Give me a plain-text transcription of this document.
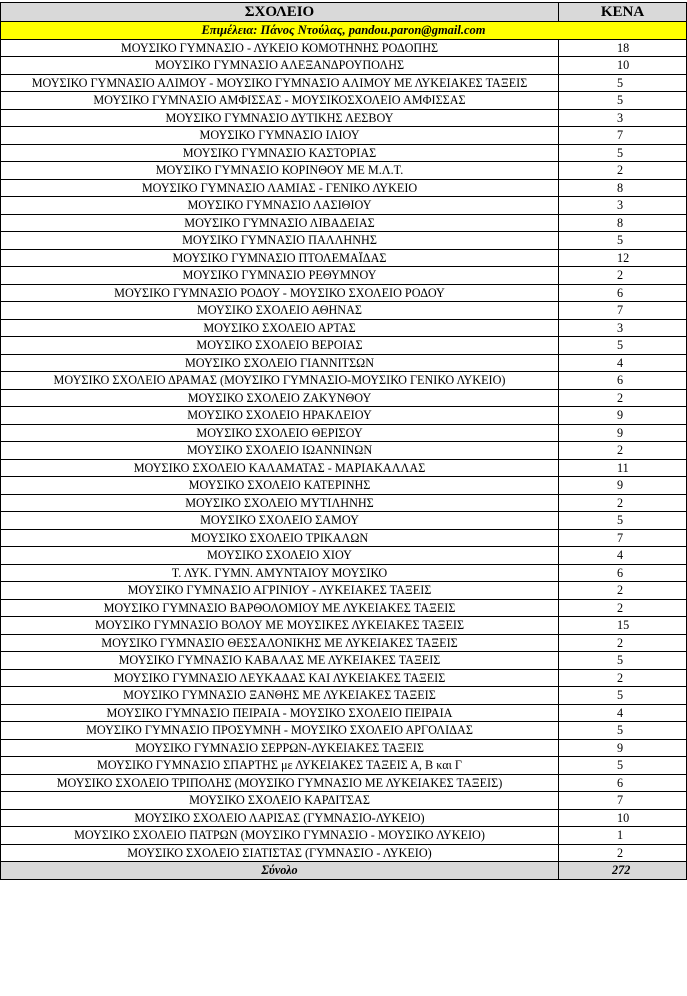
ΣΧΟΛΕΙΟ	ΚΕΝΑ
Επιμέλεια: Πάνος Ντούλας, pandou.paron@gmail.com	
ΜΟΥΣΙΚΟ ΓΥΜΝΑΣΙΟ - ΛΥΚΕΙΟ ΚΟΜΟΤΗΝΗΣ ΡΟΔΟΠΗΣ	18
ΜΟΥΣΙΚΟ ΓΥΜΝΑΣΙΟ ΑΛΕΞΑΝΔΡΟΥΠΟΛΗΣ	10
ΜΟΥΣΙΚΟ ΓΥΜΝΑΣΙΟ ΑΛΙΜΟΥ - ΜΟΥΣΙΚΟ ΓΥΜΝΑΣΙΟ ΑΛΙΜΟΥ ΜΕ ΛΥΚΕΙΑΚΕΣ ΤΑΞΕΙΣ	5
ΜΟΥΣΙΚΟ ΓΥΜΝΑΣΙΟ ΑΜΦΙΣΣΑΣ - ΜΟΥΣΙΚΟΣΧΟΛΕΙΟ ΑΜΦΙΣΣΑΣ	5
ΜΟΥΣΙΚΟ ΓΥΜΝΑΣΙΟ ΔΥΤΙΚΗΣ ΛΕΣΒΟΥ	3
ΜΟΥΣΙΚΟ ΓΥΜΝΑΣΙΟ ΙΛΙΟΥ	7
ΜΟΥΣΙΚΟ ΓΥΜΝΑΣΙΟ ΚΑΣΤΟΡΙΑΣ	5
ΜΟΥΣΙΚΟ ΓΥΜΝΑΣΙΟ ΚΟΡΙΝΘΟΥ ΜΕ Μ.Λ.Τ.	2
ΜΟΥΣΙΚΟ ΓΥΜΝΑΣΙΟ ΛΑΜΙΑΣ - ΓΕΝΙΚΟ ΛΥΚΕΙΟ	8
ΜΟΥΣΙΚΟ ΓΥΜΝΑΣΙΟ ΛΑΣΙΘΙΟΥ	3
ΜΟΥΣΙΚΟ ΓΥΜΝΑΣΙΟ ΛΙΒΑΔΕΙΑΣ	8
ΜΟΥΣΙΚΟ ΓΥΜΝΑΣΙΟ ΠΑΛΛΗΝΗΣ	5
ΜΟΥΣΙΚΟ ΓΥΜΝΑΣΙΟ ΠΤΟΛΕΜΑΪΔΑΣ	12
ΜΟΥΣΙΚΟ ΓΥΜΝΑΣΙΟ ΡΕΘΥΜΝΟΥ	2
ΜΟΥΣΙΚΟ ΓΥΜΝΑΣΙΟ ΡΟΔΟΥ - ΜΟΥΣΙΚΟ ΣΧΟΛΕΙΟ ΡΟΔΟΥ	6
ΜΟΥΣΙΚΟ ΣΧΟΛΕΙΟ ΑΘΗΝΑΣ	7
ΜΟΥΣΙΚΟ ΣΧΟΛΕΙΟ ΑΡΤΑΣ	3
ΜΟΥΣΙΚΟ ΣΧΟΛΕΙΟ ΒΕΡΟΙΑΣ	5
ΜΟΥΣΙΚΟ ΣΧΟΛΕΙΟ ΓΙΑΝΝΙΤΣΩΝ	4
ΜΟΥΣΙΚΟ ΣΧΟΛΕΙΟ ΔΡΑΜΑΣ (ΜΟΥΣΙΚΟ ΓΥΜΝΑΣΙΟ-ΜΟΥΣΙΚΟ ΓΕΝΙΚΟ ΛΥΚΕΙΟ)	6
ΜΟΥΣΙΚΟ ΣΧΟΛΕΙΟ ΖΑΚΥΝΘΟΥ	2
ΜΟΥΣΙΚΟ ΣΧΟΛΕΙΟ ΗΡΑΚΛΕΙΟΥ	9
ΜΟΥΣΙΚΟ ΣΧΟΛΕΙΟ ΘΕΡΙΣΟΥ	9
ΜΟΥΣΙΚΟ ΣΧΟΛΕΙΟ ΙΩΑΝΝΙΝΩΝ	2
ΜΟΥΣΙΚΟ ΣΧΟΛΕΙΟ ΚΑΛΑΜΑΤΑΣ - ΜΑΡΙΑΚΑΛΛΑΣ	11
ΜΟΥΣΙΚΟ ΣΧΟΛΕΙΟ ΚΑΤΕΡΙΝΗΣ	9
ΜΟΥΣΙΚΟ ΣΧΟΛΕΙΟ ΜΥΤΙΛΗΝΗΣ	2
ΜΟΥΣΙΚΟ ΣΧΟΛΕΙΟ ΣΑΜΟΥ	5
ΜΟΥΣΙΚΟ ΣΧΟΛΕΙΟ ΤΡΙΚΑΛΩΝ	7
ΜΟΥΣΙΚΟ ΣΧΟΛΕΙΟ ΧΙΟΥ	4
Τ. ΛΥΚ. ΓΥΜΝ. ΑΜΥΝΤΑΙΟΥ ΜΟΥΣΙΚΟ	6
ΜΟΥΣΙΚΟ ΓΥΜΝΑΣΙΟ ΑΓΡΙΝΙΟΥ - ΛΥΚΕΙΑΚΕΣ ΤΑΞΕΙΣ	2
ΜΟΥΣΙΚΟ ΓΥΜΝΑΣΙΟ ΒΑΡΘΟΛΟΜΙΟΥ ΜΕ ΛΥΚΕΙΑΚΕΣ ΤΑΞΕΙΣ	2
ΜΟΥΣΙΚΟ ΓΥΜΝΑΣΙΟ ΒΟΛΟΥ ΜΕ ΜΟΥΣΙΚΕΣ ΛΥΚΕΙΑΚΕΣ ΤΑΞΕΙΣ	15
ΜΟΥΣΙΚΟ ΓΥΜΝΑΣΙΟ ΘΕΣΣΑΛΟΝΙΚΗΣ ΜΕ ΛΥΚΕΙΑΚΕΣ ΤΑΞΕΙΣ	2
ΜΟΥΣΙΚΟ ΓΥΜΝΑΣΙΟ ΚΑΒΑΛΑΣ ΜΕ ΛΥΚΕΙΑΚΕΣ ΤΑΞΕΙΣ	5
ΜΟΥΣΙΚΟ ΓΥΜΝΑΣΙΟ ΛΕΥΚΑΔΑΣ ΚΑΙ ΛΥΚΕΙΑΚΕΣ ΤΑΞΕΙΣ	2
ΜΟΥΣΙΚΟ ΓΥΜΝΑΣΙΟ ΞΑΝΘΗΣ ΜΕ ΛΥΚΕΙΑΚΕΣ ΤΑΞΕΙΣ	5
ΜΟΥΣΙΚΟ ΓΥΜΝΑΣΙΟ ΠΕΙΡΑΙΑ - ΜΟΥΣΙΚΟ ΣΧΟΛΕΙΟ ΠΕΙΡΑΙΑ	4
ΜΟΥΣΙΚΟ ΓΥΜΝΑΣΙΟ ΠΡΟΣΥΜΝΗ - ΜΟΥΣΙΚΟ ΣΧΟΛΕΙΟ ΑΡΓΟΛΙΔΑΣ	5
ΜΟΥΣΙΚΟ ΓΥΜΝΑΣΙΟ ΣΕΡΡΩΝ-ΛΥΚΕΙΑΚΕΣ ΤΑΞΕΙΣ	9
ΜΟΥΣΙΚΟ ΓΥΜΝΑΣΙΟ ΣΠΑΡΤΗΣ με ΛΥΚΕΙΑΚΕΣ ΤΑΞΕΙΣ Α, Β και Γ	5
ΜΟΥΣΙΚΟ ΣΧΟΛΕΙΟ ΤΡΙΠΟΛΗΣ (ΜΟΥΣΙΚΟ ΓΥΜΝΑΣΙΟ ΜΕ ΛΥΚΕΙΑΚΕΣ ΤΑΞΕΙΣ)	6
ΜΟΥΣΙΚΟ ΣΧΟΛΕΙΟ ΚΑΡΔΙΤΣΑΣ	7
ΜΟΥΣΙΚΟ ΣΧΟΛΕΙΟ ΛΑΡΙΣΑΣ (ΓΥΜΝΑΣΙΟ-ΛΥΚΕΙΟ)	10
ΜΟΥΣΙΚΟ ΣΧΟΛΕΙΟ ΠΑΤΡΩΝ (ΜΟΥΣΙΚΟ ΓΥΜΝΑΣΙΟ - ΜΟΥΣΙΚΟ ΛΥΚΕΙΟ)	1
ΜΟΥΣΙΚΟ ΣΧΟΛΕΙΟ ΣΙΑΤΙΣΤΑΣ (ΓΥΜΝΑΣΙΟ - ΛΥΚΕΙΟ)	2
Σύνολο	272
